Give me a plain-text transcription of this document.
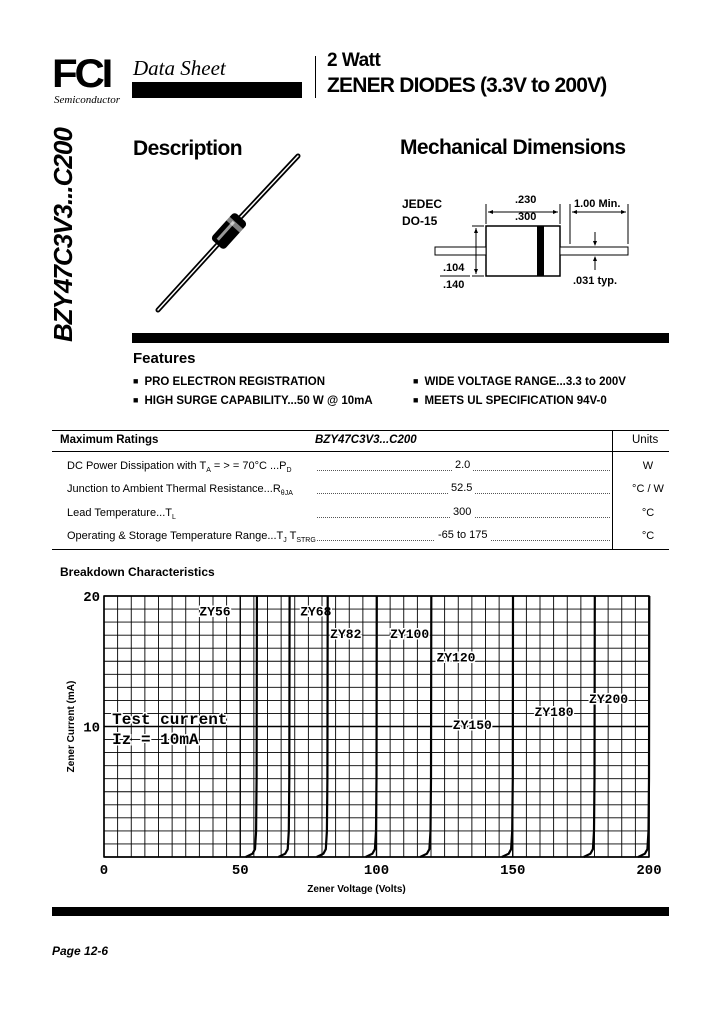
FCI
Semiconductor
Data Sheet	2 Watt
ZENER DIODES (3.3V to 200V)
BZY47C3V3...C200	Description	Mechanical Dimensions
JEDEC
DO-15
.230
.300
1.00 Min.
.104
.140	.031 typ.
Features
■ PRO ELECTRON REGISTRATION	■ WIDE VOLTAGE RANGE...3.3 to 200V
■ HIGH SURGE CAPABILITY...50 W @ 10mA	■ MEETS UL SPECIFICATION 94V-0
Maximum Ratings	BZY47C3V3...C200	Units
DC Power Dissipation with $T_A$ = > = 70°C $...P_D$	2.0	W
Junction to Ambient Thermal $Resistance...R_{\theta JA}$	52.5	°C / W
Lead $Temperature...T_L$	300	°C
Operating & Storage Temperature $Range...T_J$ $T_{STRG}$	-65 to 175	°C
Breakdown Characteristics
0	50	100	150	200
20
10
Zener Voltage (Volts)
Zener Current (mA)
ZY56	ZY68
ZY82 ZY100
ZY120
ZY150
ZY180
ZY200
Test current
Iz = 10mA
Page 12-6
